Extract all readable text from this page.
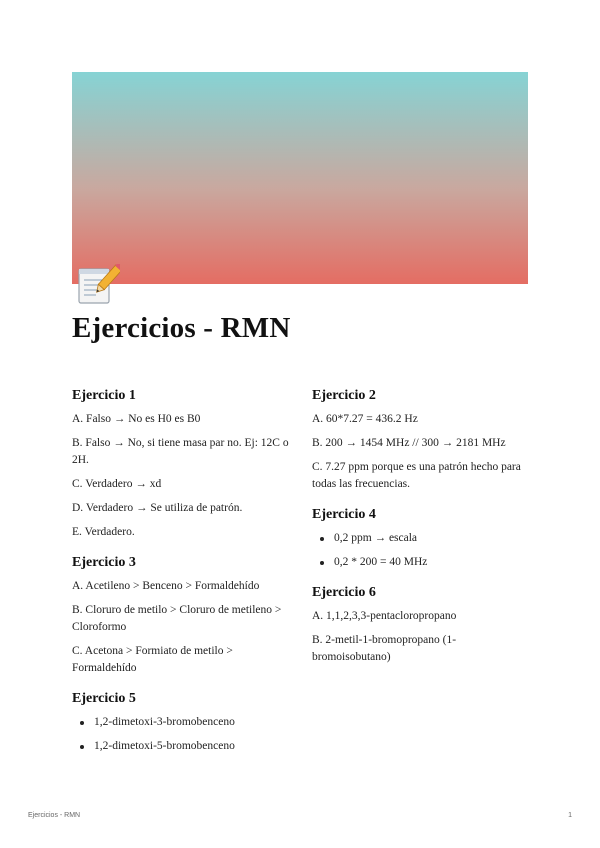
Ejercicios - RMN
Ejercicio 1

A. Falso → No es H0 es B0

B. Falso → No, si tiene masa par no. Ej: 12C o 2H.

C. Verdadero → xd

D. Verdadero → Se utiliza de patrón.

E. Verdadero.

Ejercicio 3

A. Acetileno > Benceno > Formaldehído

B. Cloruro de metilo > Cloruro de metileno > Cloroformo

C. Acetona > Formiato de metilo > Formaldehído

Ejercicio 5
1,2-dimetoxi-3-bromobenceno
1,2-dimetoxi-5-bromobenceno
Ejercicio 2

A. 60*7.27 = 436.2 Hz

B. 200 → 1454 MHz // 300 → 2181 MHz

C. 7.27 ppm porque es una patrón hecho para todas las frecuencias.

Ejercicio 4
0,2 ppm → escala
0,2 * 200 = 40 MHz
Ejercicio 6

A. 1,1,2,3,3-pentacloropropano

B. 2-metil-1-bromopropano (1-bromoisobutano)

Ejercicios - RMN	1
